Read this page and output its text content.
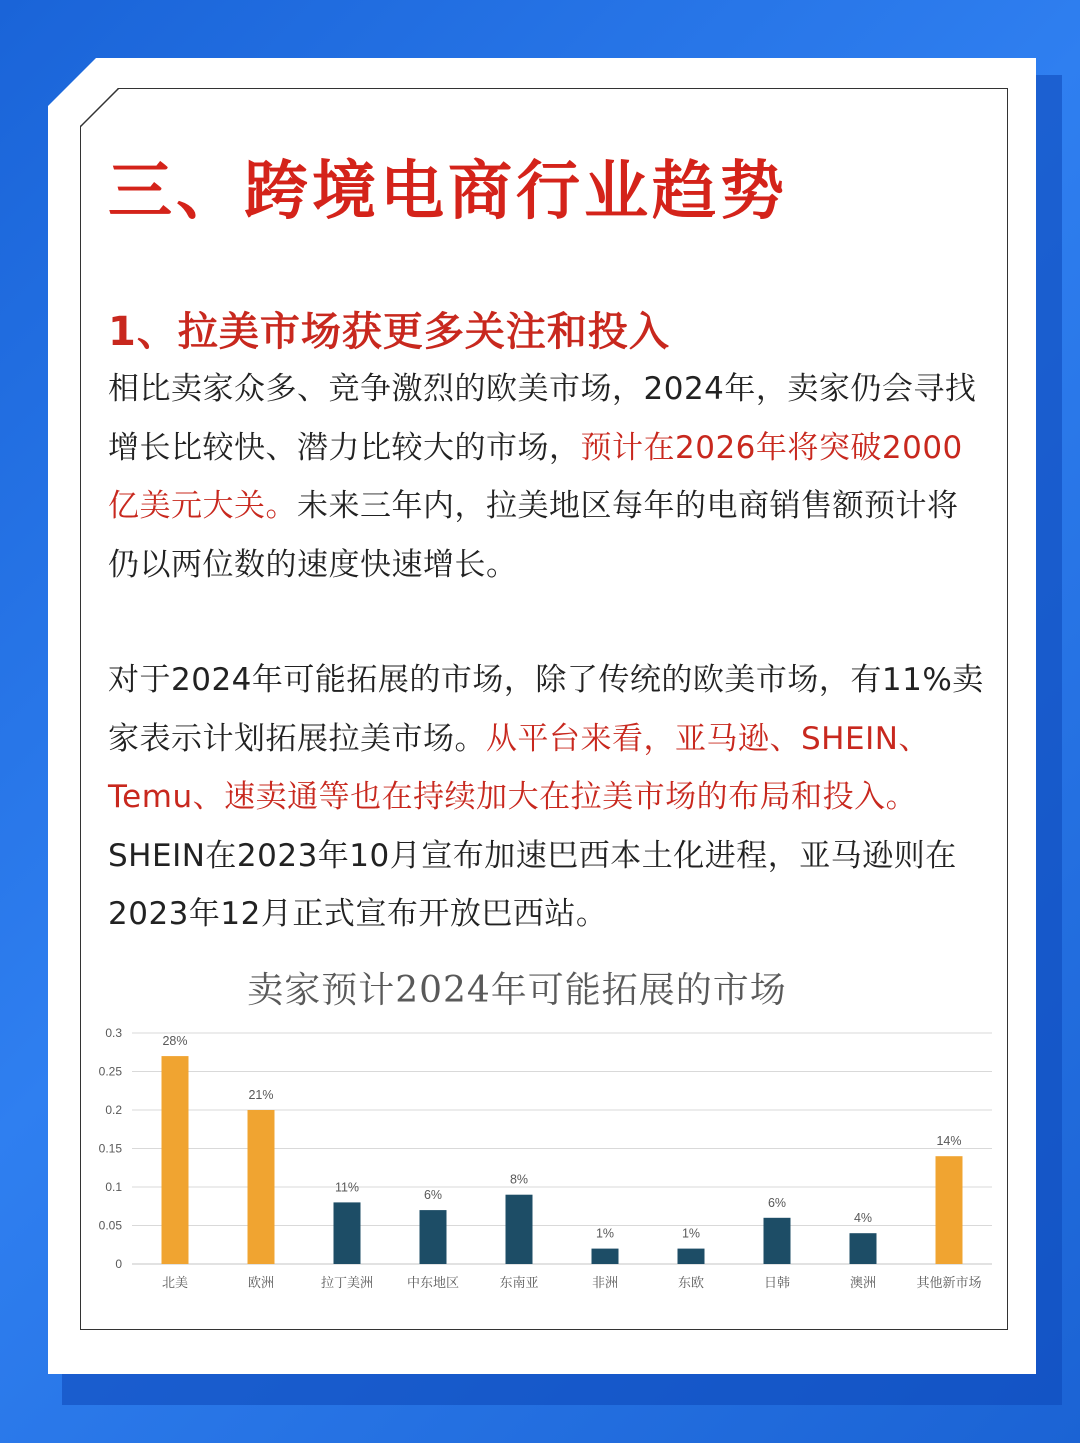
三、跨境电商行业趋势
1、拉美市场获更多关注和投入
相比卖家众多、竞争激烈的欧美市场，2024年，卖家仍会寻找增长比较快、潜力比较大的市场，预计在2026年将突破2000亿美元大关。未来三年内，拉美地区每年的电商销售额预计将仍以两位数的速度快速增长。
对于2024年可能拓展的市场，除了传统的欧美市场，有11%卖家表示计划拓展拉美市场。从平台来看，亚马逊、SHEIN、Temu、速卖通等也在持续加大在拉美市场的布局和投入。SHEIN在2023年10月宣布加速巴西本土化进程，亚马逊则在2023年12月正式宣布开放巴西站。
卖家预计2024年可能拓展的市场
0
0.05
0.1
0.15
0.2
0.25
0.3
28%
北美
21%
欧洲
11%
拉丁美洲
6%
中东地区
8%
东南亚
1%
非洲
1%
东欧
6%
日韩
4%
澳洲
14%
其他新市场
